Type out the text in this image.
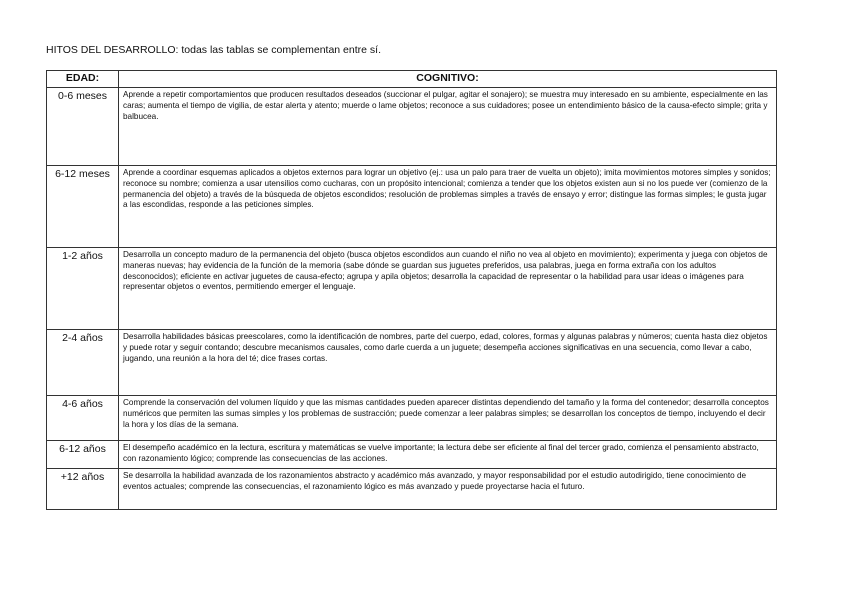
HITOS DEL DESARROLLO: todas las tablas se complementan entre sí.
EDAD:	COGNITIVO:
0-6 meses	Aprende a repetir comportamientos que producen resultados deseados (succionar el pulgar, agitar el sonajero); se muestra muy interesado en su ambiente, especialmente en las caras; aumenta el tiempo de vigilia, de estar alerta y atento; muerde o lame objetos; reconoce a sus cuidadores; posee un entendimiento básico de la causa-efecto simple; grita y balbucea.
6-12 meses	Aprende a coordinar esquemas aplicados a objetos externos para lograr un objetivo (ej.: usa un palo para traer de vuelta un objeto); imita movimientos motores simples y sonidos; reconoce su nombre; comienza a usar utensilios como cucharas, con un propósito intencional; comienza a tender que los objetos existen aun si no los puede ver (comienzo de la permanencia del objeto) a través de la búsqueda de objetos escondidos; resolución de problemas simples a través de ensayo y error; distingue las formas simples; le gusta jugar a las escondidas, responde a las peticiones simples.
1-2 años	Desarrolla un concepto maduro de la permanencia del objeto (busca objetos escondidos aun cuando el niño no vea al objeto en movimiento); experimenta y juega con objetos de maneras nuevas; hay evidencia de la función de la memoria (sabe dónde se guardan sus juguetes preferidos, usa palabras, juega en forma extraña con los adultos desconocidos); eficiente en activar juguetes de causa-efecto; agrupa y apila objetos; desarrolla la capacidad de representar o la habilidad para usar ideas o imágenes para representar objetos o eventos, permitiendo emerger el lenguaje.
2-4 años	Desarrolla habilidades básicas preescolares, como la identificación de nombres, parte del cuerpo, edad, colores, formas y algunas palabras y números; cuenta hasta diez objetos y puede rotar y seguir contando; descubre mecanismos causales, como darle cuerda a un juguete; desempeña acciones significativas en una secuencia, como llevar a cabo, jugando, una reunión a la hora del té; dice frases cortas.
4-6 años	Comprende la conservación del volumen líquido y que las mismas cantidades pueden aparecer distintas dependiendo del tamaño y la forma del contenedor; desarrolla conceptos numéricos que permiten las sumas simples y los problemas de sustracción; puede comenzar a leer palabras simples; se desarrollan los conceptos de tiempo, incluyendo el decir la hora y los días de la semana.
6-12 años	El desempeño académico en la lectura, escritura y matemáticas se vuelve importante; la lectura debe ser eficiente al final del tercer grado, comienza el pensamiento abstracto, con razonamiento lógico; comprende las consecuencias de las acciones.
+12 años	Se desarrolla la habilidad avanzada de los razonamientos abstracto y académico más avanzado, y mayor responsabilidad por el estudio autodirigido, tiene conocimiento de eventos actuales; comprende las consecuencias, el razonamiento lógico es más avanzado y puede proyectarse hacia el futuro.
